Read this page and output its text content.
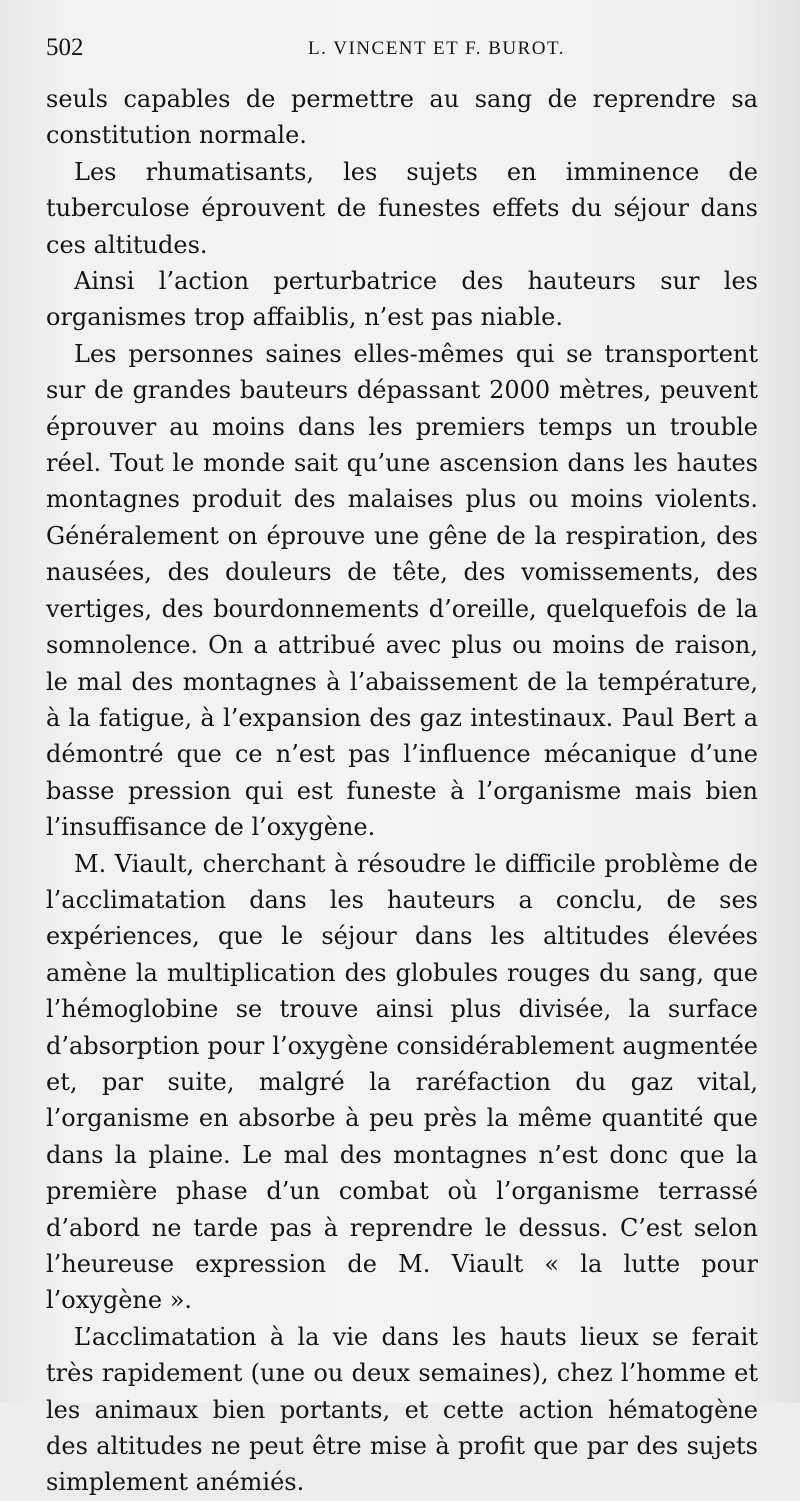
502	L. VINCENT ET F. BUROT.

seuls capables de permettre au sang de reprendre sa constitution normale.

Les rhumatisants, les sujets en imminence de tuberculose éprouvent de funestes effets du séjour dans ces altitudes.

Ainsi l’action perturbatrice des hauteurs sur les organismes trop affaiblis, n’est pas niable.

Les personnes saines elles-mêmes qui se transportent sur de grandes bauteurs dépassant 2000 mètres, peuvent éprouver au moins dans les premiers temps un trouble réel. Tout le monde sait qu’une ascension dans les hautes montagnes produit des malaises plus ou moins violents. Généralement on éprouve une gêne de la respiration, des nausées, des douleurs de tête, des vomissements, des vertiges, des bourdonnements d’oreille, quelquefois de la somnolence. On a attribué avec plus ou moins de raison, le mal des montagnes à l’abaissement de la température, à la fatigue, à l’expansion des gaz intestinaux. Paul Bert a démontré que ce n’est pas l’influence mécanique d’une basse pression qui est funeste à l’organisme mais bien l’insuffisance de l’oxygène.

M. Viault, cherchant à résoudre le difficile problème de l’acclimatation dans les hauteurs a conclu, de ses expériences, que le séjour dans les altitudes élevées amène la multiplication des globules rouges du sang, que l’hémoglobine se trouve ainsi plus divisée, la surface d’absorption pour l’oxygène considérablement augmentée et, par suite, malgré la raréfaction du gaz vital, l’organisme en absorbe à peu près la même quantité que dans la plaine. Le mal des montagnes n’est donc que la première phase d’un combat où l’organisme terrassé d’abord ne tarde pas à reprendre le dessus. C’est selon l’heureuse expression de M. Viault « la lutte pour l’oxygène ».

L’acclimatation à la vie dans les hauts lieux se ferait très rapidement (une ou deux semaines), chez l’homme et les animaux bien portants, et cette action hématogène des altitudes ne peut être mise à profit que par des sujets simplement anémiés.
